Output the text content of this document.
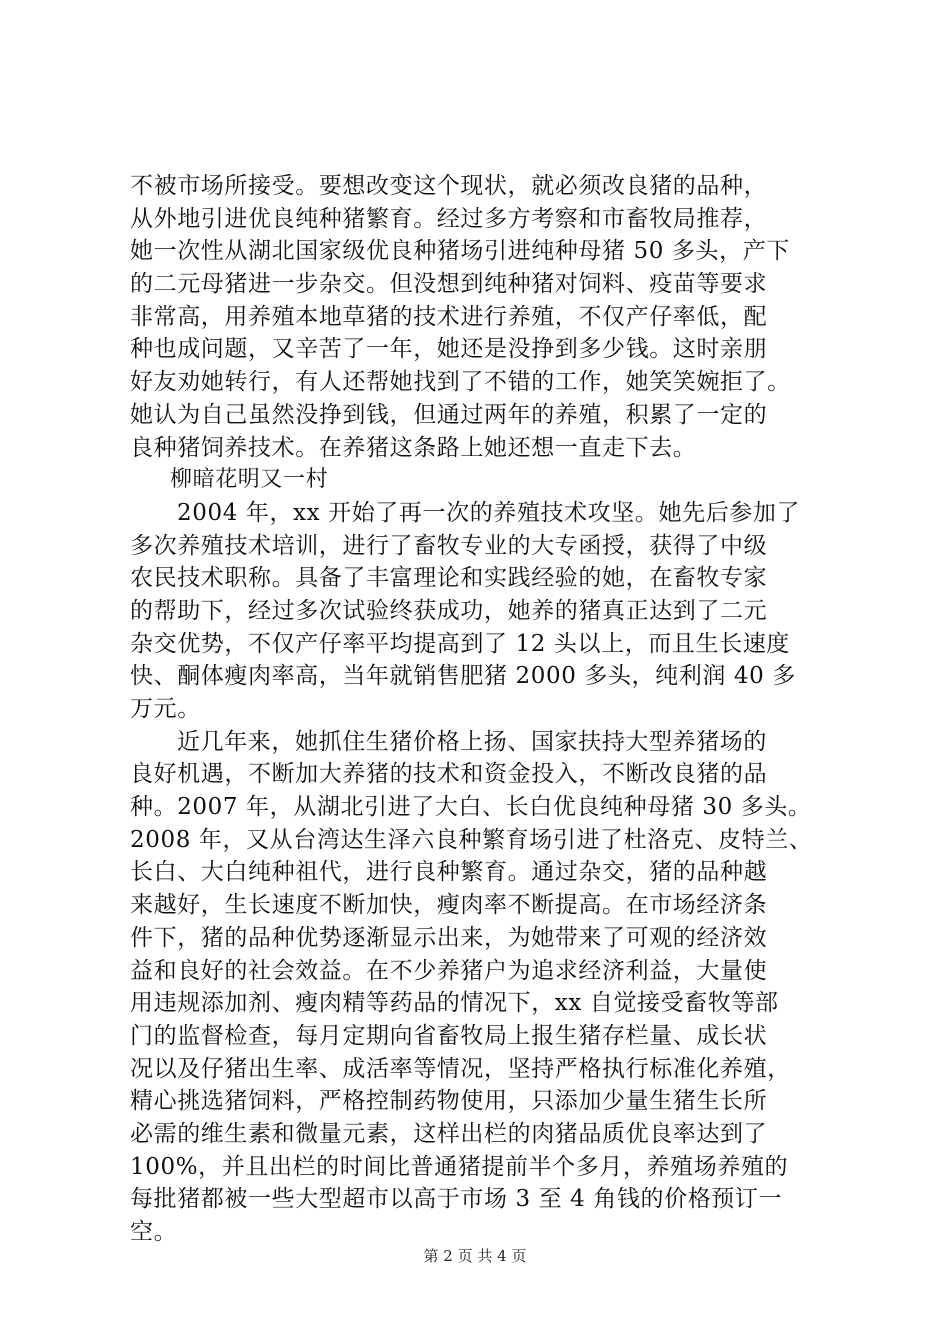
不被市场所接受。要想改变这个现状，就必须改良猪的品种，
从外地引进优良纯种猪繁育。经过多方考察和市畜牧局推荐，
她一次性从湖北国家级优良种猪场引进纯种母猪 50 多头，产下
的二元母猪进一步杂交。但没想到纯种猪对饲料、疫苗等要求
非常高，用养殖本地草猪的技术进行养殖，不仅产仔率低，配
种也成问题，又辛苦了一年，她还是没挣到多少钱。这时亲朋
好友劝她转行，有人还帮她找到了不错的工作，她笑笑婉拒了。
她认为自己虽然没挣到钱，但通过两年的养殖，积累了一定的
良种猪饲养技术。在养猪这条路上她还想一直走下去。
柳暗花明又一村
2004 年，xx 开始了再一次的养殖技术攻坚。她先后参加了
多次养殖技术培训，进行了畜牧专业的大专函授，获得了中级
农民技术职称。具备了丰富理论和实践经验的她，在畜牧专家
的帮助下，经过多次试验终获成功，她养的猪真正达到了二元
杂交优势，不仅产仔率平均提高到了 12 头以上，而且生长速度
快、酮体瘦肉率高，当年就销售肥猪 2000 多头，纯利润 40 多
万元。
近几年来，她抓住生猪价格上扬、国家扶持大型养猪场的
良好机遇，不断加大养猪的技术和资金投入，不断改良猪的品
种。2007 年，从湖北引进了大白、长白优良纯种母猪 30 多头。
2008 年，又从台湾达生泽六良种繁育场引进了杜洛克、皮特兰、
长白、大白纯种祖代，进行良种繁育。通过杂交，猪的品种越
来越好，生长速度不断加快，瘦肉率不断提高。在市场经济条
件下，猪的品种优势逐渐显示出来，为她带来了可观的经济效
益和良好的社会效益。在不少养猪户为追求经济利益，大量使
用违规添加剂、瘦肉精等药品的情况下，xx 自觉接受畜牧等部
门的监督检查，每月定期向省畜牧局上报生猪存栏量、成长状
况以及仔猪出生率、成活率等情况，坚持严格执行标准化养殖，
精心挑选猪饲料，严格控制药物使用，只添加少量生猪生长所
必需的维生素和微量元素，这样出栏的肉猪品质优良率达到了
100%，并且出栏的时间比普通猪提前半个多月，养殖场养殖的
每批猪都被一些大型超市以高于市场 3 至 4 角钱的价格预订一
空。
第 2 页 共 4 页
